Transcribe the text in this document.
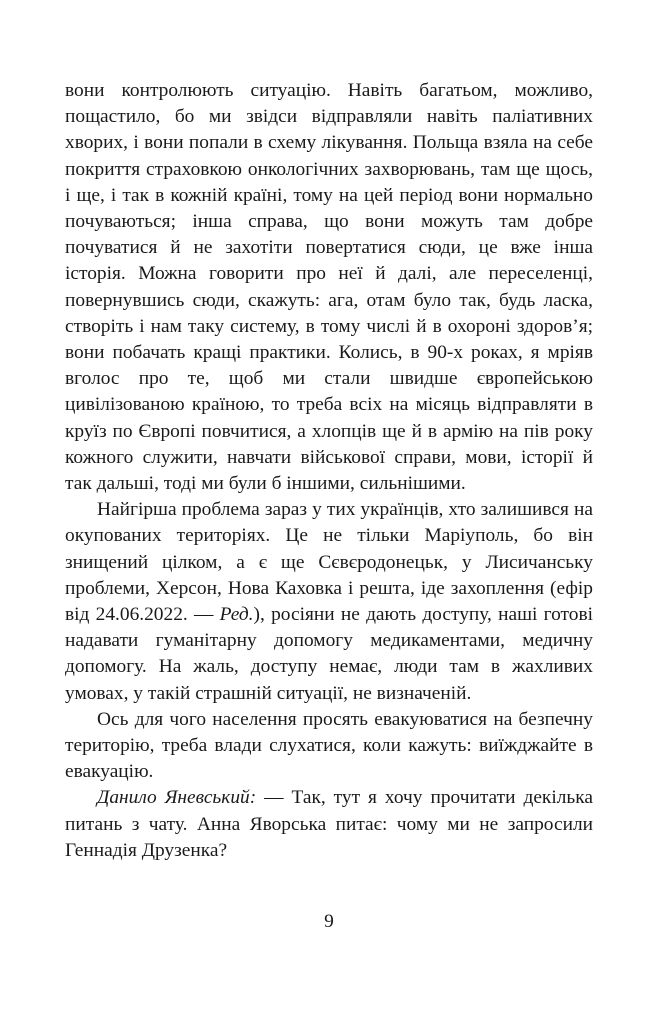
вони контролюють ситуацію. Навіть багатьом, можливо, пощастило, бо ми звідси відправляли навіть паліативних хворих, і вони попали в схему лікування. Польща взяла на себе покриття страховкою онкологічних захворювань, там ще щось, і ще, і так в кожній країні, тому на цей період вони нормально почуваються; інша справа, що вони можуть там добре почуватися й не захотіти повертатися сюди, це вже інша історія. Можна говорити про неї й далі, але переселенці, повернувшись сюди, скажуть: ага, отам було так, будь ласка, створіть і нам таку систему, в тому числі й в охороні здоров’я; вони побачать кращі практики. Колись, в 90-х роках, я мріяв вголос про те, щоб ми стали швидше європейською цивілізованою країною, то треба всіх на місяць відправляти в круїз по Європі повчитися, а хлопців ще й в армію на пів року кожного служити, навчати військової справи, мови, історії й так дальші, тоді ми були б іншими, сильнішими.

Найгірша проблема зараз у тих українців, хто залишився на окупованих територіях. Це не тільки Маріуполь, бо він знищений цілком, а є ще Сєвєродонецьк, у Лисичанську проблеми, Херсон, Нова Каховка і решта, іде захоплення (ефір від 24.06.2022. — Ред.), росіяни не дають доступу, наші готові надавати гуманітарну допомогу медикаментами, медичну допомогу. На жаль, доступу немає, люди там в жахливих умовах, у такій страшній ситуації, не визначеній.

Ось для чого населення просять евакуюватися на безпечну територію, треба влади слухатися, коли кажуть: виїжджайте в евакуацію.

Данило Яневський: — Так, тут я хочу прочитати декілька питань з чату. Анна Яворська питає: чому ми не запросили Геннадія Друзенка?

9
